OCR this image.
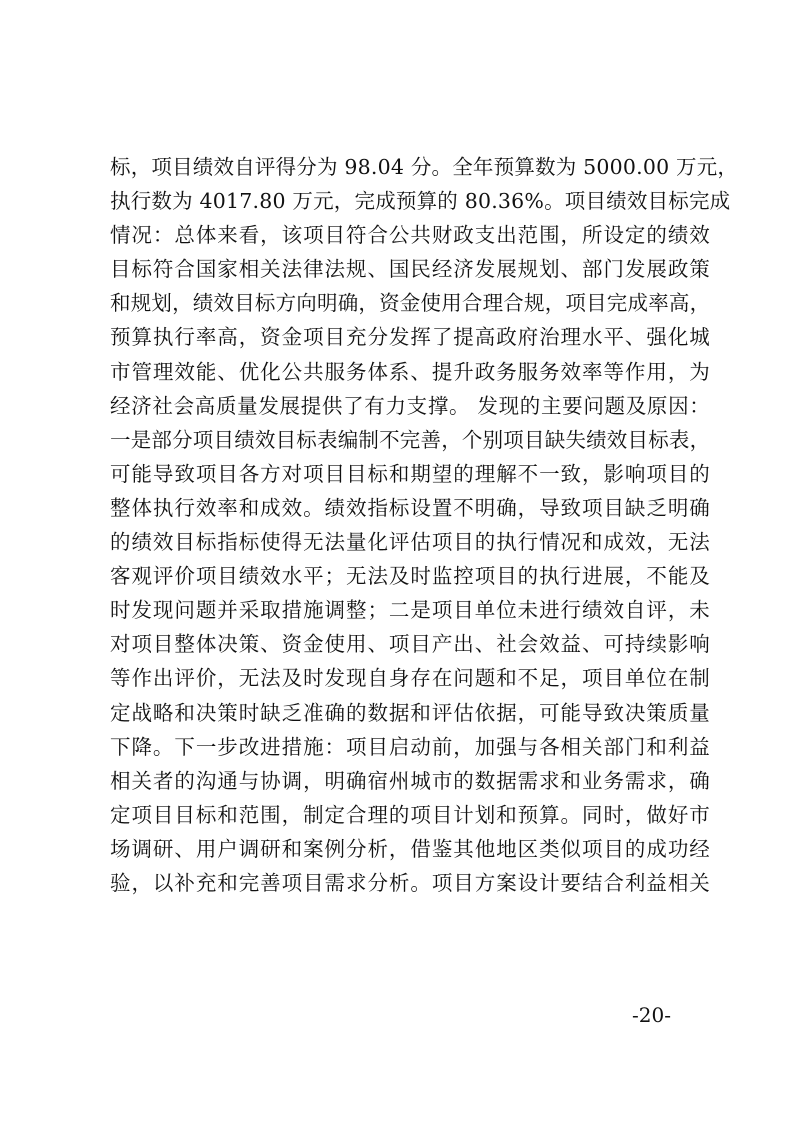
标，项目绩效自评得分为 98.04 分。全年预算数为 5000.00 万元，
执行数为 4017.80 万元，完成预算的 80.36%。项目绩效目标完成
情况：总体来看，该项目符合公共财政支出范围，所设定的绩效
目标符合国家相关法律法规、国民经济发展规划、部门发展政策
和规划，绩效目标方向明确，资金使用合理合规，项目完成率高，
预算执行率高，资金项目充分发挥了提高政府治理水平、强化城
市管理效能、优化公共服务体系、提升政务服务效率等作用，为
经济社会高质量发展提供了有力支撑。 发现的主要问题及原因：
一是部分项目绩效目标表编制不完善，个别项目缺失绩效目标表，
可能导致项目各方对项目目标和期望的理解不一致，影响项目的
整体执行效率和成效。绩效指标设置不明确，导致项目缺乏明确
的绩效目标指标使得无法量化评估项目的执行情况和成效，无法
客观评价项目绩效水平；无法及时监控项目的执行进展，不能及
时发现问题并采取措施调整；二是项目单位未进行绩效自评，未
对项目整体决策、资金使用、项目产出、社会效益、可持续影响
等作出评价，无法及时发现自身存在问题和不足，项目单位在制
定战略和决策时缺乏准确的数据和评估依据，可能导致决策质量
下降。下一步改进措施：项目启动前，加强与各相关部门和利益
相关者的沟通与协调，明确宿州城市的数据需求和业务需求，确
定项目目标和范围，制定合理的项目计划和预算。同时，做好市
场调研、用户调研和案例分析，借鉴其他地区类似项目的成功经
验，以补充和完善项目需求分析。项目方案设计要结合利益相关
-20-
